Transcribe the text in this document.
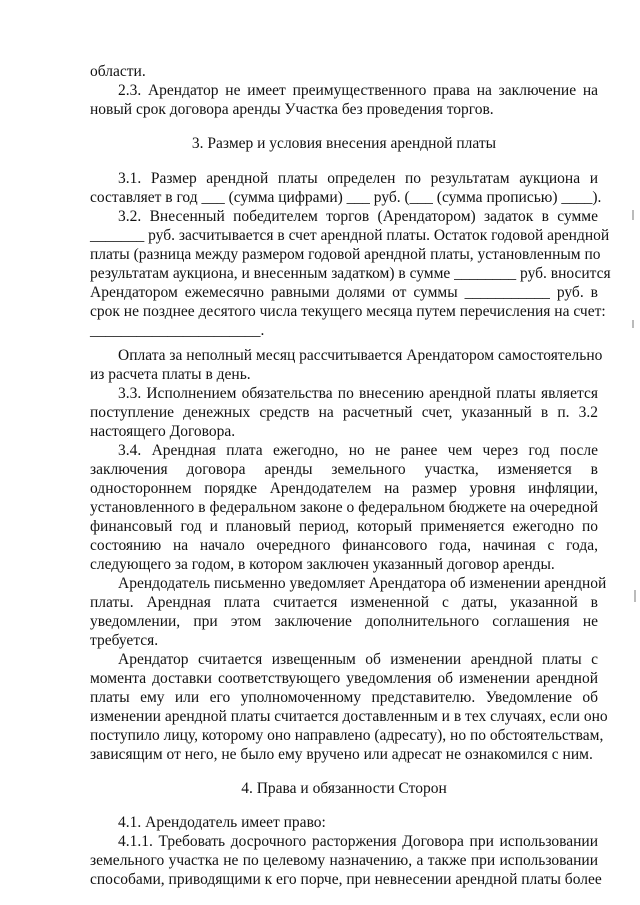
области.
2.3. Арендатор не имеет преимущественного права на заключение на
новый срок договора аренды Участка без проведения торгов.
3. Размер и условия внесения арендной платы
3.1. Размер арендной платы определен по результатам аукциона и
составляет в год ___ (сумма цифрами) ___ руб. (___ (сумма прописью) ____).
3.2. Внесенный победителем торгов (Арендатором) задаток в сумме
_______ руб. засчитывается в счет арендной платы. Остаток годовой арендной
платы (разница между размером годовой арендной платы, установленным по
результатам аукциона, и внесенным задатком) в сумме ________ руб. вносится
Арендатором ежемесячно равными долями от суммы ___________ руб. в
срок не позднее десятого числа текущего месяца путем перечисления на счет:
______________________.
Оплата за неполный месяц рассчитывается Арендатором самостоятельно
из расчета платы в день.
3.3. Исполнением обязательства по внесению арендной платы является
поступление денежных средств на расчетный счет, указанный в п. 3.2
настоящего Договора.
3.4. Арендная плата ежегодно, но не ранее чем через год после
заключения договора аренды земельного участка, изменяется в
одностороннем порядке Арендодателем на размер уровня инфляции,
установленного в федеральном законе о федеральном бюджете на очередной
финансовый год и плановый период, который применяется ежегодно по
состоянию на начало очередного финансового года, начиная с года,
следующего за годом, в котором заключен указанный договор аренды.
Арендодатель письменно уведомляет Арендатора об изменении арендной
платы. Арендная плата считается измененной с даты, указанной в
уведомлении, при этом заключение дополнительного соглашения не
требуется.
Арендатор считается извещенным об изменении арендной платы с
момента доставки соответствующего уведомления об изменении арендной
платы ему или его уполномоченному представителю. Уведомление об
изменении арендной платы считается доставленным и в тех случаях, если оно
поступило лицу, которому оно направлено (адресату), но по обстоятельствам,
зависящим от него, не было ему вручено или адресат не ознакомился с ним.
4. Права и обязанности Сторон
4.1. Арендодатель имеет право:
4.1.1. Требовать досрочного расторжения Договора при использовании
земельного участка не по целевому назначению, а также при использовании
способами, приводящими к его порче, при невнесении арендной платы более
